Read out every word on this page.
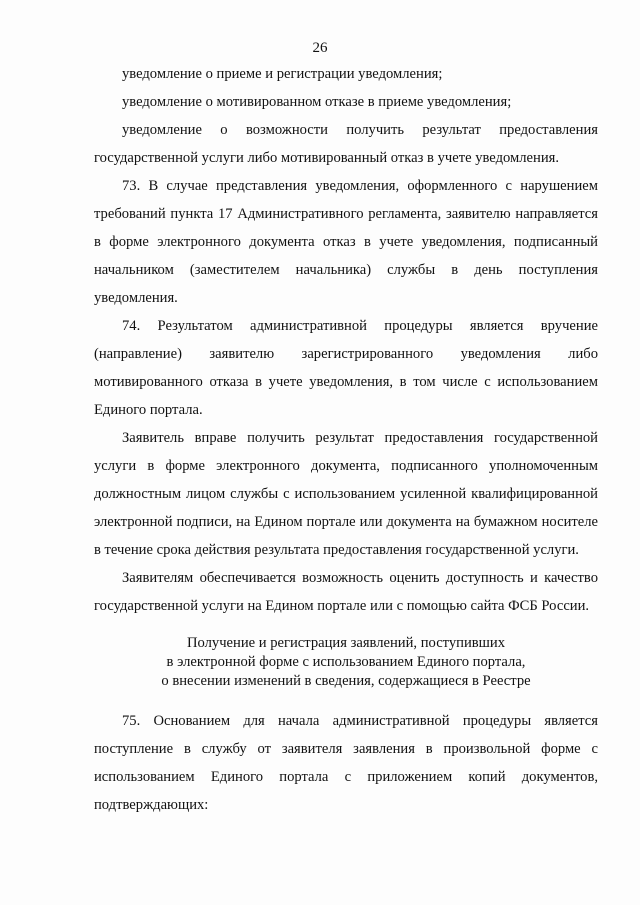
26

уведомление о приеме и регистрации уведомления;

уведомление о мотивированном отказе в приеме уведомления;

уведомление о возможности получить результат предоставления государственной услуги либо мотивированный отказ в учете уведомления.

73. В случае представления уведомления, оформленного с нарушением требований пункта 17 Административного регламента, заявителю направляется в форме электронного документа отказ в учете уведомления, подписанный начальником (заместителем начальника) службы в день поступления уведомления.

74. Результатом административной процедуры является вручение (направление) заявителю зарегистрированного уведомления либо мотивированного отказа в учете уведомления, в том числе с использованием Единого портала.

Заявитель вправе получить результат предоставления государственной услуги в форме электронного документа, подписанного уполномоченным должностным лицом службы с использованием усиленной квалифицированной электронной подписи, на Едином портале или документа на бумажном носителе в течение срока действия результата предоставления государственной услуги.

Заявителям обеспечивается возможность оценить доступность и качество государственной услуги на Едином портале или с помощью сайта ФСБ России.

Получение и регистрация заявлений, поступивших
в электронной форме с использованием Единого портала,
о внесении изменений в сведения, содержащиеся в Реестре

75. Основанием для начала административной процедуры является поступление в службу от заявителя заявления в произвольной форме с использованием Единого портала с приложением копий документов, подтверждающих:
